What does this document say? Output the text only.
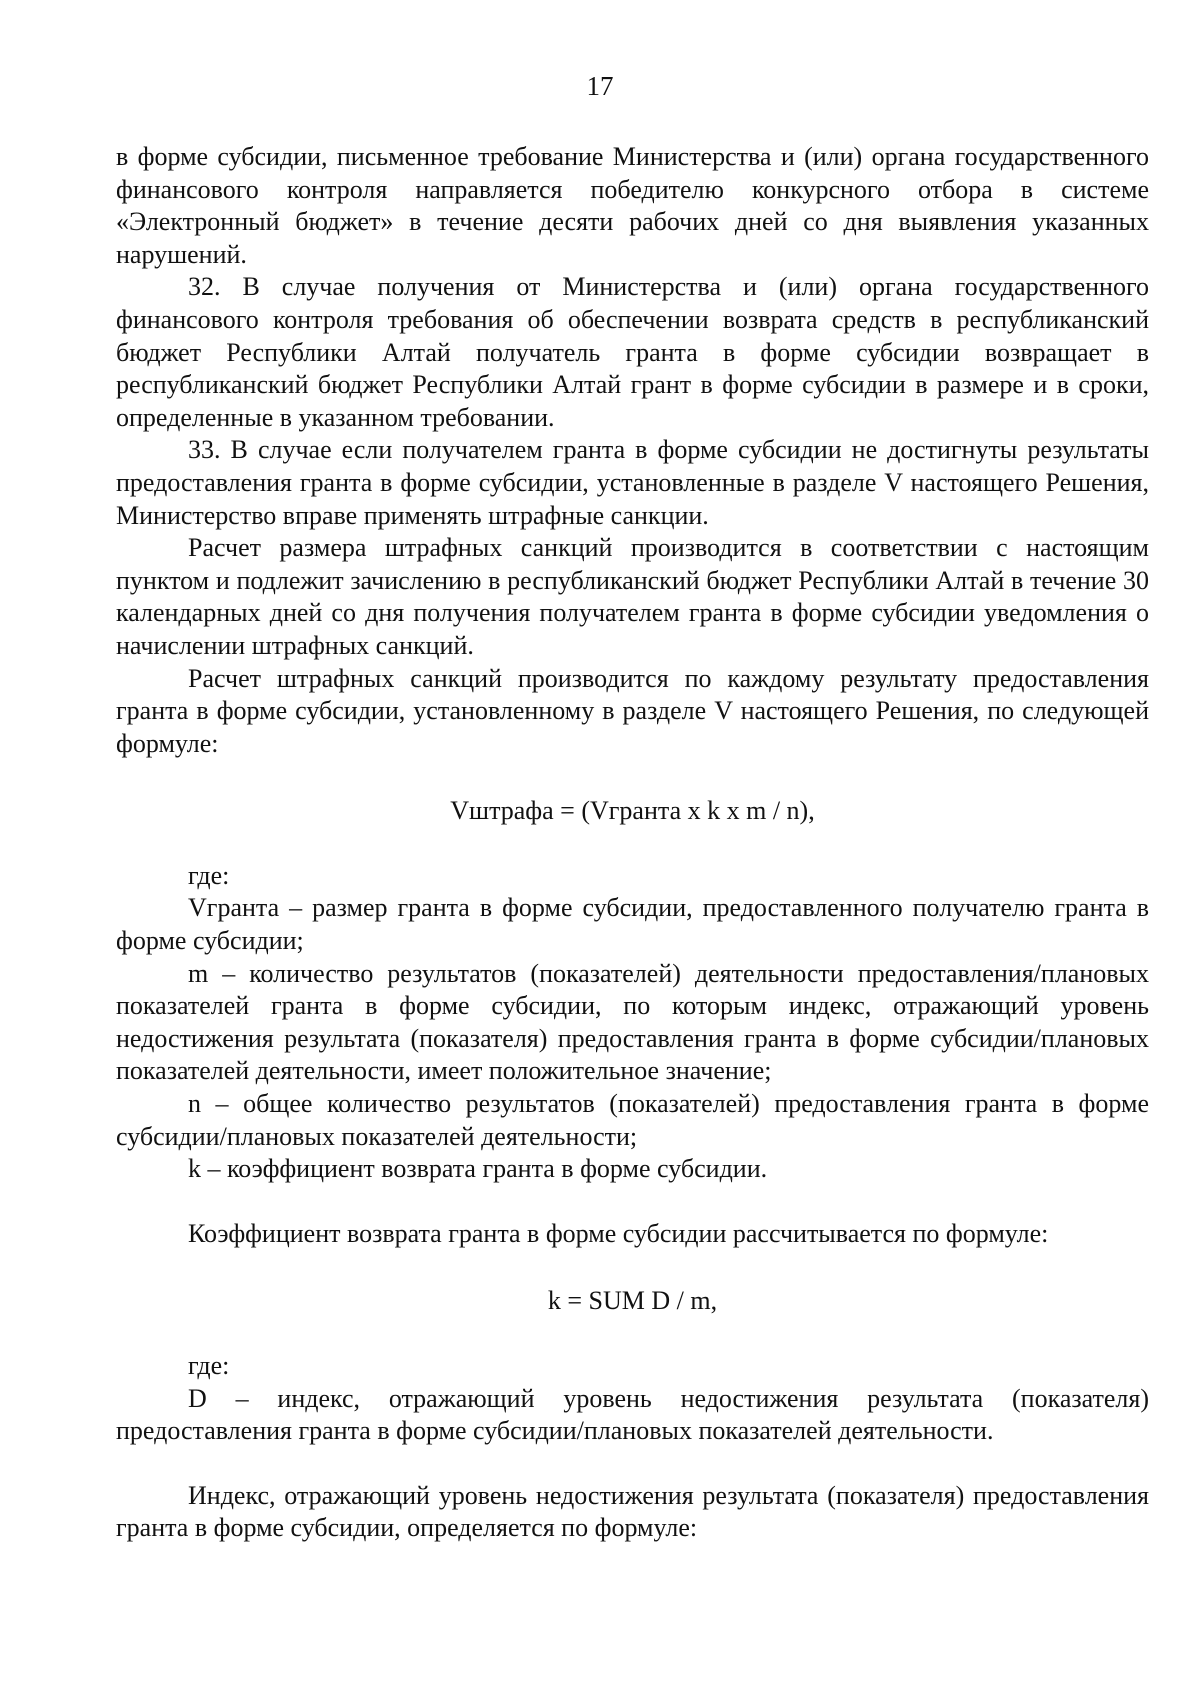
17

в форме субсидии, письменное требование Министерства и (или) органа государственного финансового контроля направляется победителю конкурсного отбора в системе «Электронный бюджет» в течение десяти рабочих дней со дня выявления указанных нарушений.

32. В случае получения от Министерства и (или) органа государственного финансового контроля требования об обеспечении возврата средств в республиканский бюджет Республики Алтай получатель гранта в форме субсидии возвращает в республиканский бюджет Республики Алтай грант в форме субсидии в размере и в сроки, определенные в указанном требовании.

33. В случае если получателем гранта в форме субсидии не достигнуты результаты предоставления гранта в форме субсидии, установленные в разделе V настоящего Решения, Министерство вправе применять штрафные санкции.

Расчет размера штрафных санкций производится в соответствии с настоящим пунктом и подлежит зачислению в республиканский бюджет Республики Алтай в течение 30 календарных дней со дня получения получателем гранта в форме субсидии уведомления о начислении штрафных санкций.

Расчет штрафных санкций производится по каждому результату предоставления гранта в форме субсидии, установленному в разделе V настоящего Решения, по следующей формуле:

Vштрафа = (Vгранта x k x m / n),

где:

Vгранта – размер гранта в форме субсидии, предоставленного получателю гранта в форме субсидии;

m – количество результатов (показателей) деятельности предоставления/плановых показателей гранта в форме субсидии, по которым индекс, отражающий уровень недостижения результата (показателя) предоставления гранта в форме субсидии/плановых показателей деятельности, имеет положительное значение;

n – общее количество результатов (показателей) предоставления гранта в форме субсидии/плановых показателей деятельности;

k – коэффициент возврата гранта в форме субсидии.

Коэффициент возврата гранта в форме субсидии рассчитывается по формуле:

k = SUM D / m,

где:

D – индекс, отражающий уровень недостижения результата (показателя) предоставления гранта в форме субсидии/плановых показателей деятельности.

Индекс, отражающий уровень недостижения результата (показателя) предоставления гранта в форме субсидии, определяется по формуле:
